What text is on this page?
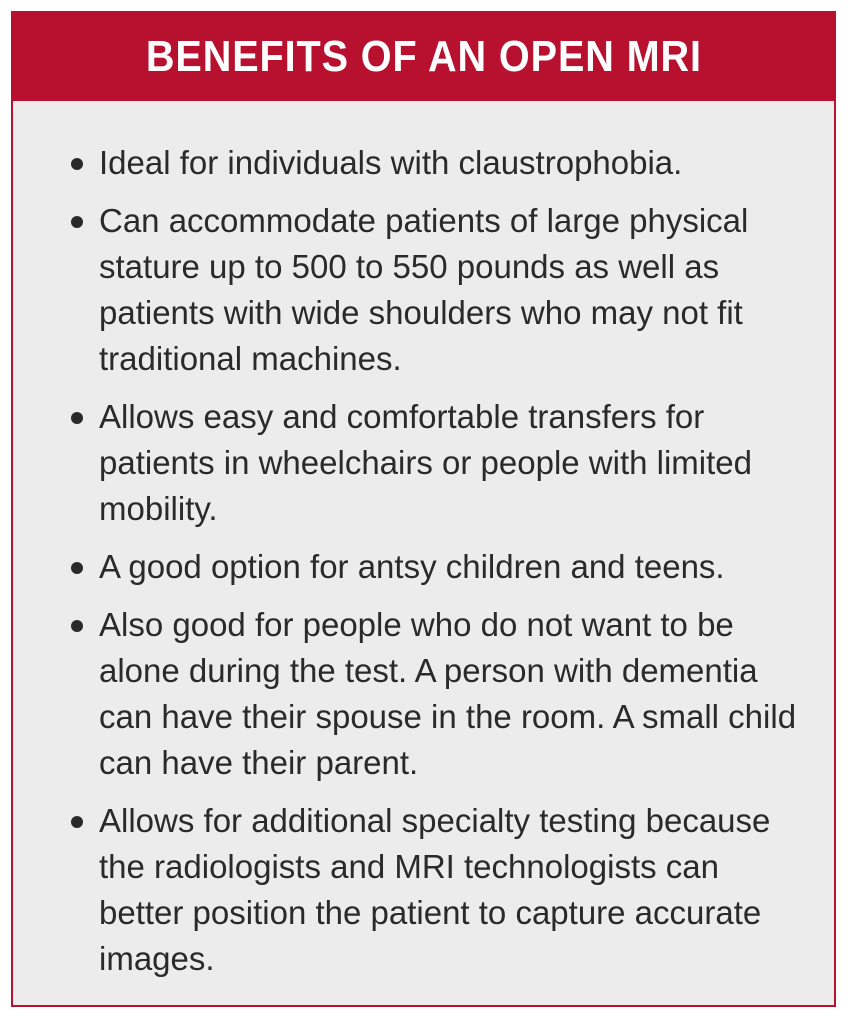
BENEFITS OF AN OPEN MRI
Ideal for individuals with claustrophobia.
Can accommodate patients of large physical stature up to 500 to 550 pounds as well as patients with wide shoulders who may not fit traditional machines.
Allows easy and comfortable transfers for patients in wheelchairs or people with limited mobility.
A good option for antsy children and teens.
Also good for people who do not want to be alone during the test. A person with dementia can have their spouse in the room. A small child can have their parent.
Allows for additional specialty testing because the radiologists and MRI technologists can better position the patient to capture accurate images.
